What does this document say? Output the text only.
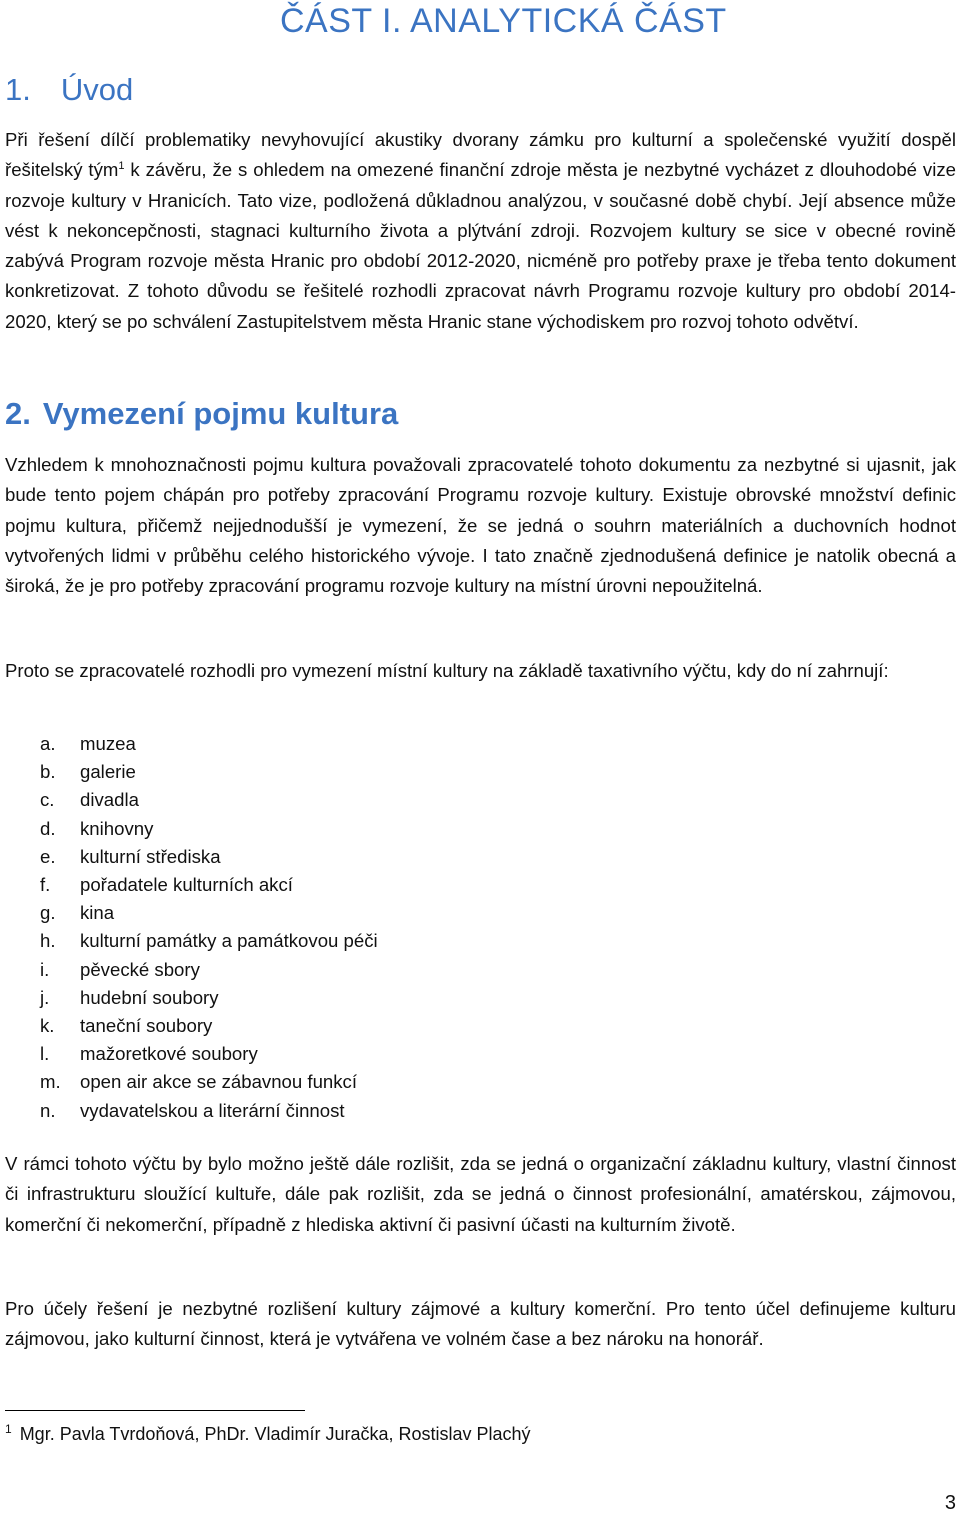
ČÁST I. ANALYTICKÁ ČÁST
1. Úvod

Při řešení dílčí problematiky nevyhovující akustiky dvorany zámku pro kulturní a společenské využití dospěl řešitelský tým$^1$ k závěru, že s ohledem na omezené finanční zdroje města je nezbytné vycházet z dlouhodobé vize rozvoje kultury v Hranicích. Tato vize, podložená důkladnou analýzou, v současné době chybí. Její absence může vést k nekoncepčnosti, stagnaci kulturního života a plýtvání zdroji. Rozvojem kultury se sice v obecné rovině zabývá Program rozvoje města Hranic pro období 2012-2020, nicméně pro potřeby praxe je třeba tento dokument konkretizovat. Z tohoto důvodu se řešitelé rozhodli zpracovat návrh Programu rozvoje kultury pro období 2014-2020, který se po schválení Zastupitelstvem města Hranic stane východiskem pro rozvoj tohoto odvětví.

2. Vymezení pojmu kultura

Vzhledem k mnohoznačnosti pojmu kultura považovali zpracovatelé tohoto dokumentu za nezbytné si ujasnit, jak bude tento pojem chápán pro potřeby zpracování Programu rozvoje kultury. Existuje obrovské množství definic pojmu kultura, přičemž nejjednodušší je vymezení, že se jedná o souhrn materiálních a duchovních hodnot vytvořených lidmi v průběhu celého historického vývoje. I tato značně zjednodušená definice je natolik obecná a široká, že je pro potřeby zpracování programu rozvoje kultury na místní úrovni nepoužitelná.

Proto se zpracovatelé rozhodli pro vymezení místní kultury na základě taxativního výčtu, kdy do ní zahrnují:

a.	muzea
b.	galerie
c.	divadla
d.	knihovny
e.	kulturní střediska
f.	pořadatele kulturních akcí
g.	kina
h.	kulturní památky a památkovou péči
i.	pěvecké sbory
j.	hudební soubory
k.	taneční soubory
l.	mažoretkové soubory
m.	open air akce se zábavnou funkcí
n.	vydavatelskou a literární činnost

V rámci tohoto výčtu by bylo možno ještě dále rozlišit, zda se jedná o organizační základnu kultury, vlastní činnost či infrastrukturu sloužící kultuře, dále pak rozlišit, zda se jedná o činnost profesionální, amatérskou, zájmovou, komerční či nekomerční, případně z hlediska aktivní či pasivní účasti na kulturním životě.

Pro účely řešení je nezbytné rozlišení kultury zájmové a kultury komerční. Pro tento účel definujeme kulturu zájmovou, jako kulturní činnost, která je vytvářena ve volném čase a bez nároku na honorář.

$^1$ Mgr. Pavla Tvrdoňová, PhDr. Vladimír Juračka, Rostislav Plachý

3
